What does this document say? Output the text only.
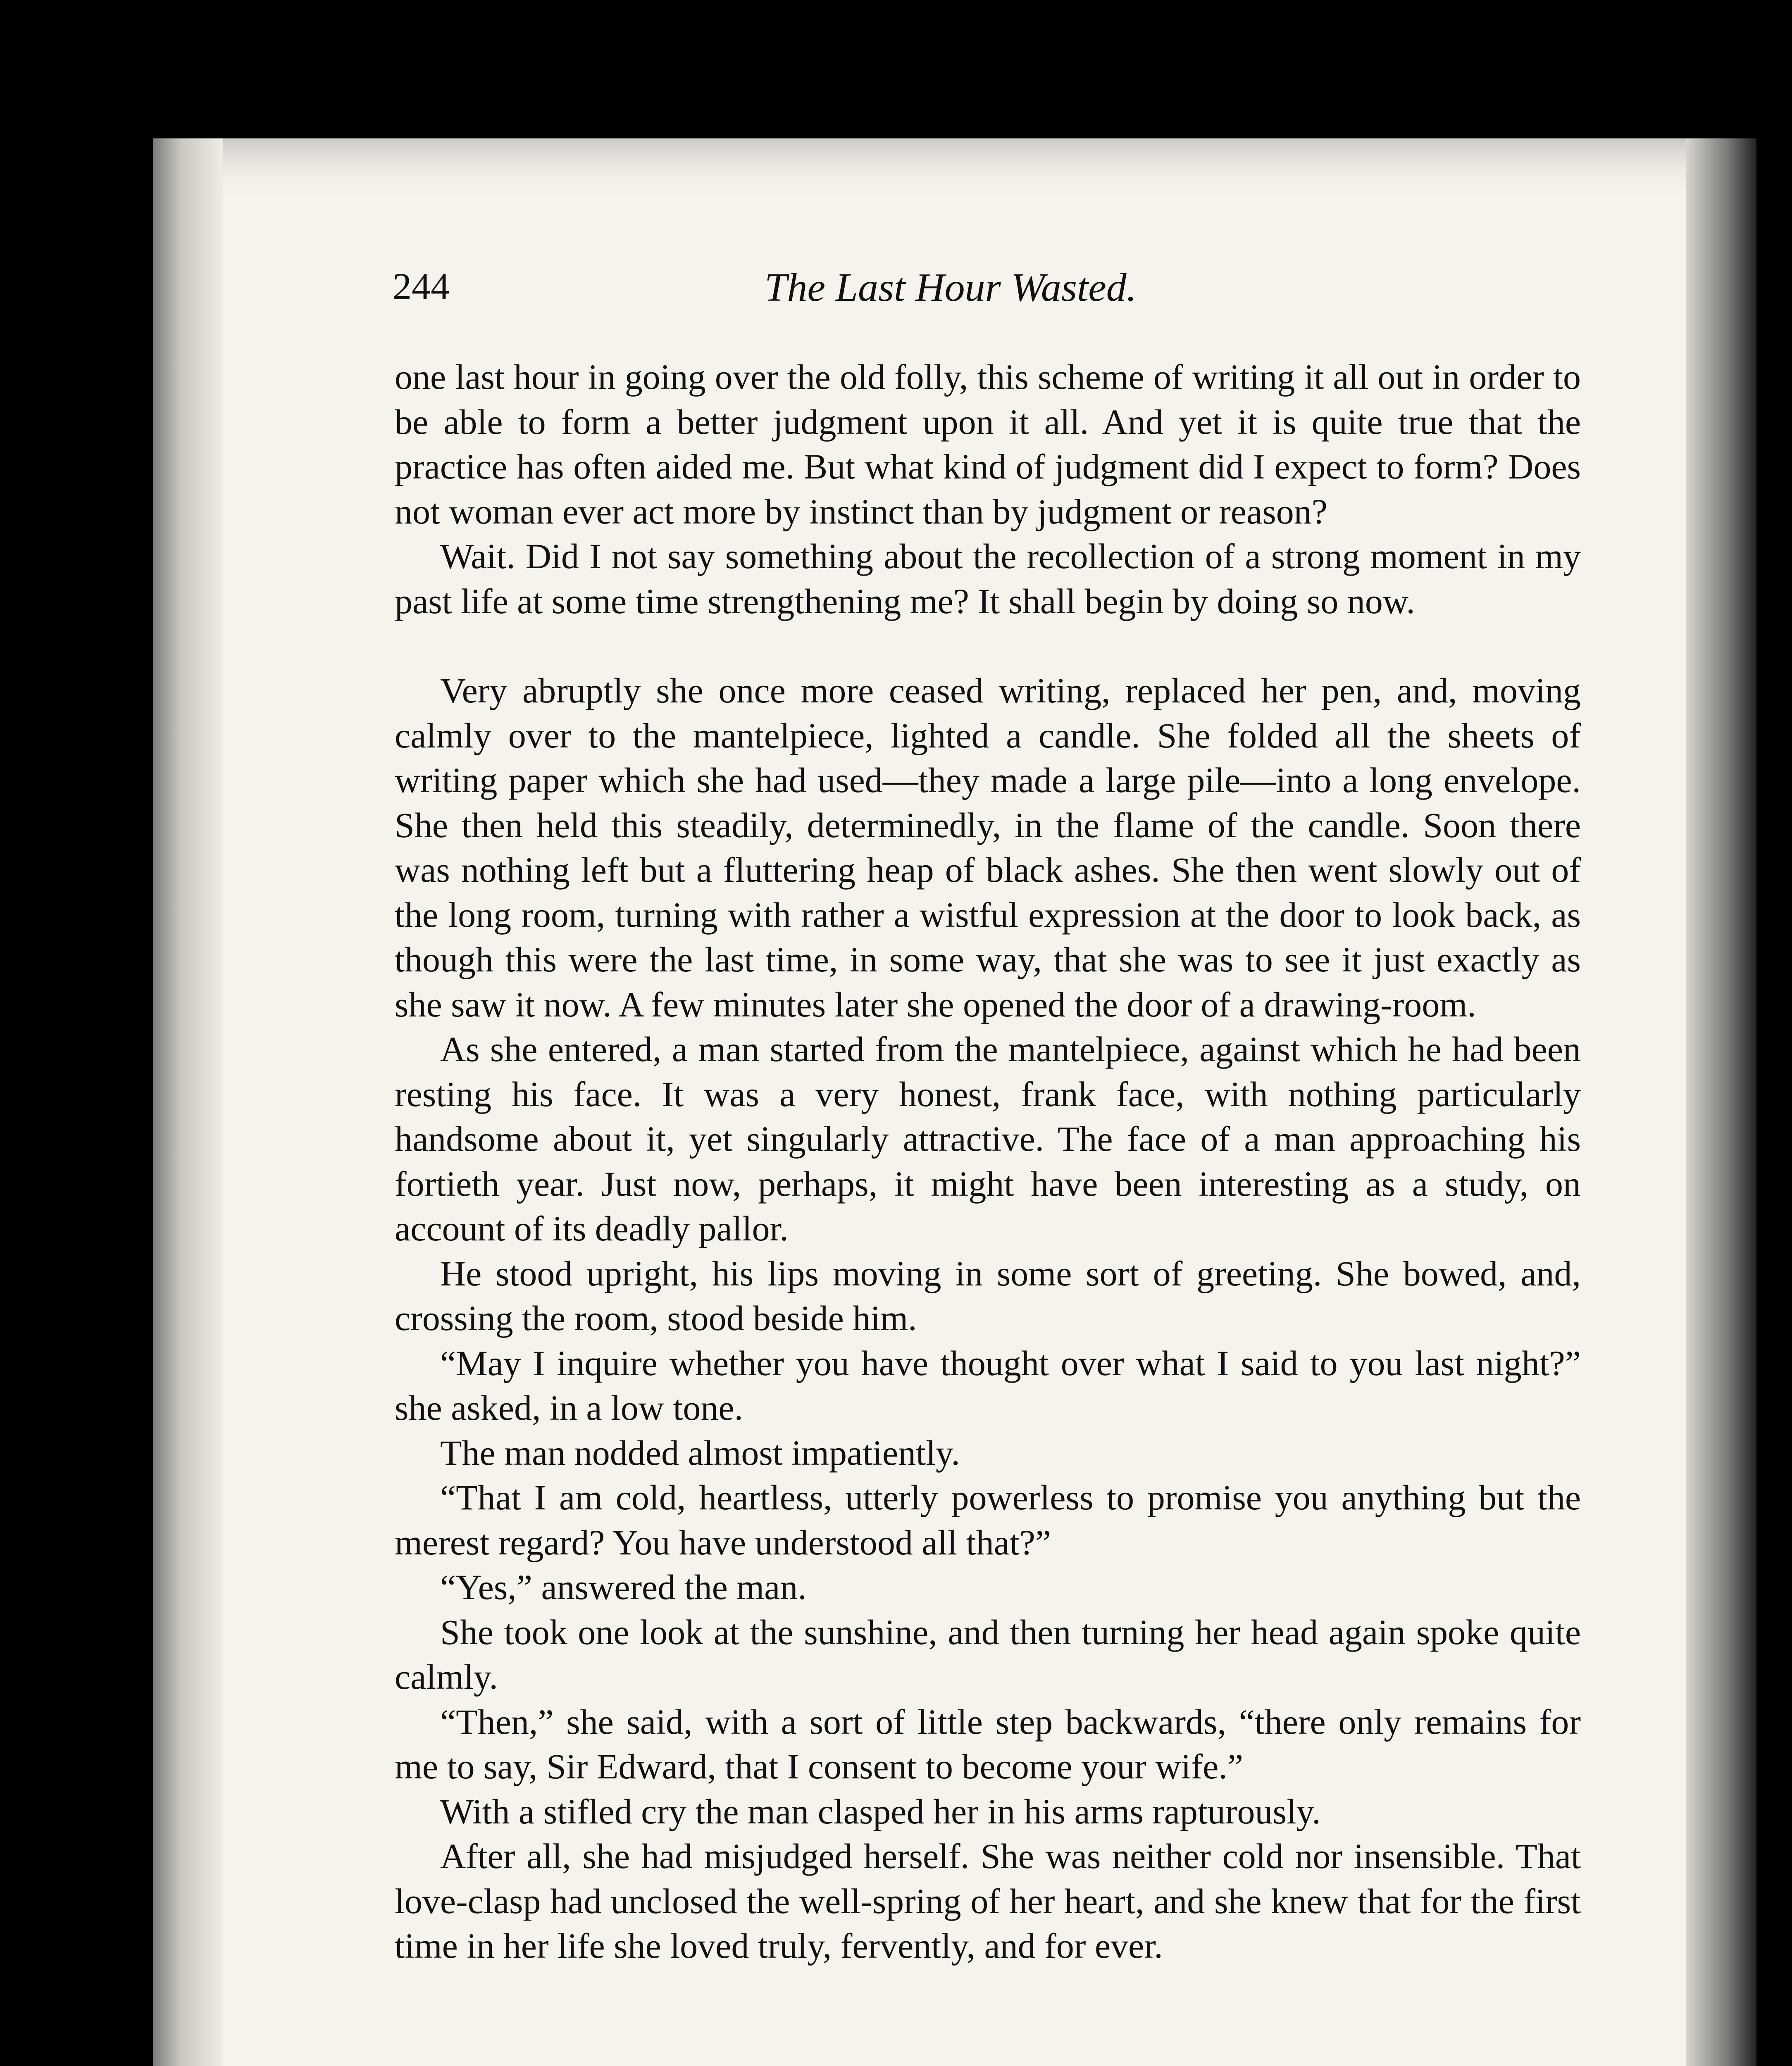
244	The Last Hour Wasted.

one last hour in going over the old folly, this scheme of writing it all out in order to be able to form a better judgment upon it all. And yet it is quite true that the practice has often aided me. But what kind of judgment did I expect to form? Does not woman ever act more by instinct than by judgment or reason?

Wait. Did I not say something about the recollection of a strong moment in my past life at some time strengthening me? It shall begin by doing so now.

Very abruptly she once more ceased writing, replaced her pen, and, moving calmly over to the mantelpiece, lighted a candle. She folded all the sheets of writing paper which she had used—they made a large pile—into a long envelope. She then held this steadily, determinedly, in the flame of the candle. Soon there was nothing left but a fluttering heap of black ashes. She then went slowly out of the long room, turning with rather a wistful expression at the door to look back, as though this were the last time, in some way, that she was to see it just exactly as she saw it now. A few minutes later she opened the door of a drawing-room.

As she entered, a man started from the mantelpiece, against which he had been resting his face. It was a very honest, frank face, with nothing particularly handsome about it, yet singularly attractive. The face of a man approaching his fortieth year. Just now, perhaps, it might have been interesting as a study, on account of its deadly pallor.

He stood upright, his lips moving in some sort of greeting. She bowed, and, crossing the room, stood beside him.

“May I inquire whether you have thought over what I said to you last night?” she asked, in a low tone.

The man nodded almost impatiently.

“That I am cold, heartless, utterly powerless to promise you anything but the merest regard? You have understood all that?”

“Yes,” answered the man.

She took one look at the sunshine, and then turning her head again spoke quite calmly.

“Then,” she said, with a sort of little step backwards, “there only remains for me to say, Sir Edward, that I consent to become your wife.”

With a stifled cry the man clasped her in his arms rapturously.

After all, she had misjudged herself. She was neither cold nor insensible. That love-clasp had unclosed the well-spring of her heart, and she knew that for the first time in her life she loved truly, fervently, and for ever.
